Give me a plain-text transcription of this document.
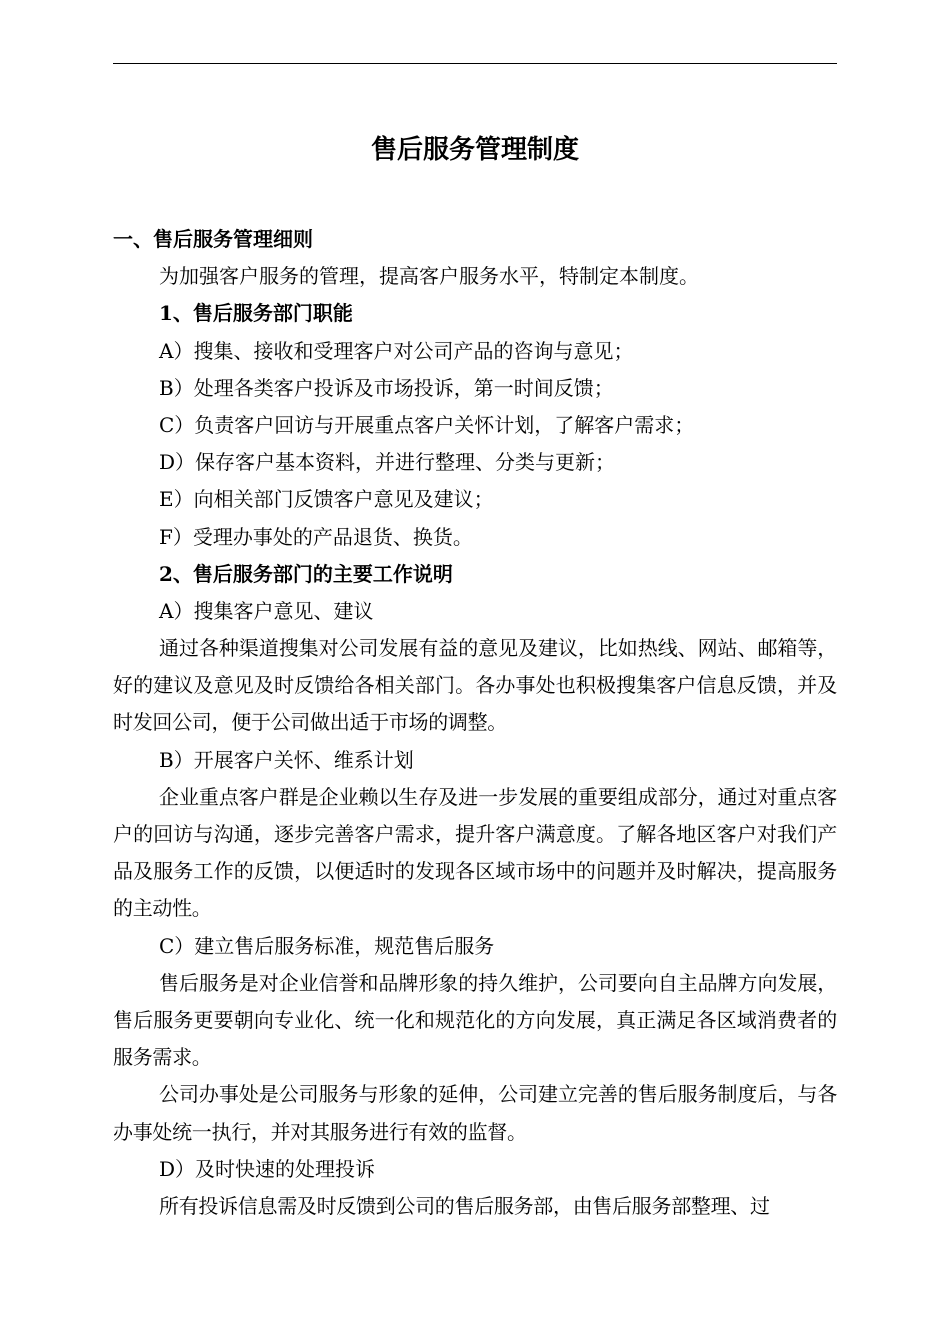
售后服务管理制度

一、售后服务管理细则

为加强客户服务的管理，提高客户服务水平，特制定本制度。

1、售后服务部门职能

A）搜集、接收和受理客户对公司产品的咨询与意见；

B）处理各类客户投诉及市场投诉，第一时间反馈；

C）负责客户回访与开展重点客户关怀计划，了解客户需求；

D）保存客户基本资料，并进行整理、分类与更新；

E）向相关部门反馈客户意见及建议；

F）受理办事处的产品退货、换货。

2、售后服务部门的主要工作说明

A）搜集客户意见、建议

通过各种渠道搜集对公司发展有益的意见及建议，比如热线、网站、邮箱等，好的建议及意见及时反馈给各相关部门。各办事处也积极搜集客户信息反馈，并及时发回公司，便于公司做出适于市场的调整。

B）开展客户关怀、维系计划

企业重点客户群是企业赖以生存及进一步发展的重要组成部分，通过对重点客户的回访与沟通，逐步完善客户需求，提升客户满意度。了解各地区客户对我们产品及服务工作的反馈，以便适时的发现各区域市场中的问题并及时解决，提高服务的主动性。

C）建立售后服务标准，规范售后服务

售后服务是对企业信誉和品牌形象的持久维护，公司要向自主品牌方向发展，售后服务更要朝向专业化、统一化和规范化的方向发展，真正满足各区域消费者的服务需求。

公司办事处是公司服务与形象的延伸，公司建立完善的售后服务制度后，与各办事处统一执行，并对其服务进行有效的监督。

D）及时快速的处理投诉

所有投诉信息需及时反馈到公司的售后服务部，由售后服务部整理、过
